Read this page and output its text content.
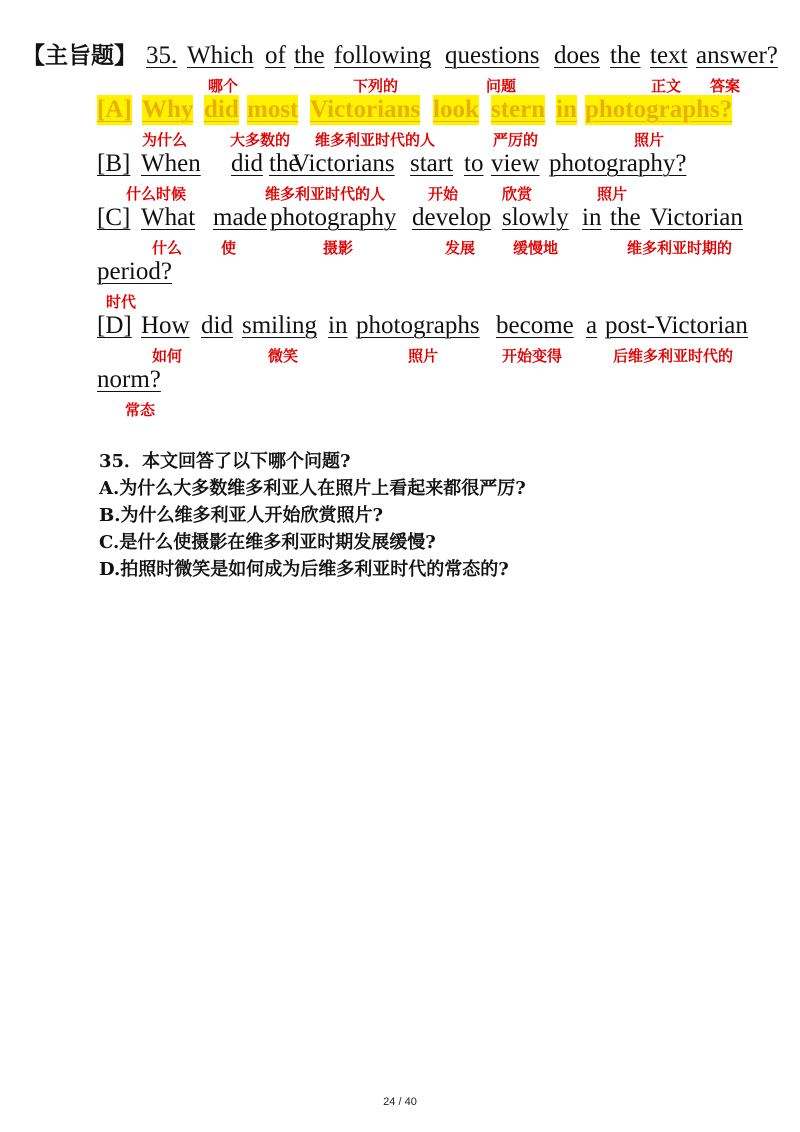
【主旨题】 35. Which of the following questions does the text answer?
哪个	下列的	问题	正文 答案
[A] Why did most Victorians look stern in photographs?
为什么	大多数的 维多利亚时代的人	严厉的	照片
[B] When did the
Victorians start to view photography?
什么时候	维多利亚时代的人	开始	欣赏	照片
[C] What made photography develop slowly in the Victorian
什么	使	摄影	发展	缓慢地	维多利亚时期的
period?
时代
[D] How did smiling in photographs become a post-Victorian
如何	微笑	照片	开始变得	后维多利亚时代的
norm?
常态
35．本文回答了以下哪个问题?
A.为什么大多数维多利亚人在照片上看起来都很严厉?
B.为什么维多利亚人开始欣赏照片?
C.是什么使摄影在维多利亚时期发展缓慢?
D.拍照时微笑是如何成为后维多利亚时代的常态的?
24 / 40
